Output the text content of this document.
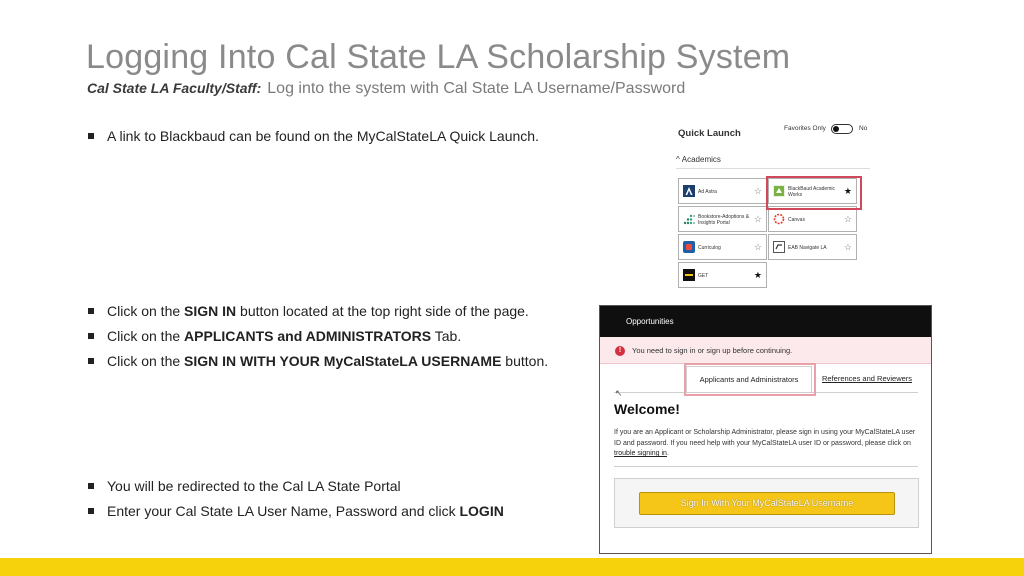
Logging Into Cal State LA Scholarship System
Cal State LA Faculty/Staff: Log into the system with Cal State LA Username/Password
A link to Blackbaud can be found on the MyCalStateLA Quick Launch.
Click on the SIGN IN button located at the top right side of the page.
Click on the APPLICANTS and ADMINISTRATORS Tab.
Click on the SIGN IN WITH YOUR MyCalStateLA USERNAME button.
You will be redirected to the Cal LA State Portal
Enter your Cal State LA User Name, Password and click LOGIN
Quick Launch	Favorites Only	No
^ Academics
Ad Astra	☆	BlackBaud Academic Works	★
Bookstore-Adoptions & Insights Portal	☆	Canvas	☆
Curriculog	☆	EAB Navigate LA	☆
GET	★
Opportunities
!	You need to sign in or sign up before continuing.
Applicants and Administrators	References and Reviewers
↖
Welcome!
If you are an Applicant or Scholarship Administrator, please sign in using your MyCalStateLA user ID and password. If you need help with your MyCalStateLA user ID or password, please click on trouble signing in.
Sign In With Your MyCalStateLA Username
